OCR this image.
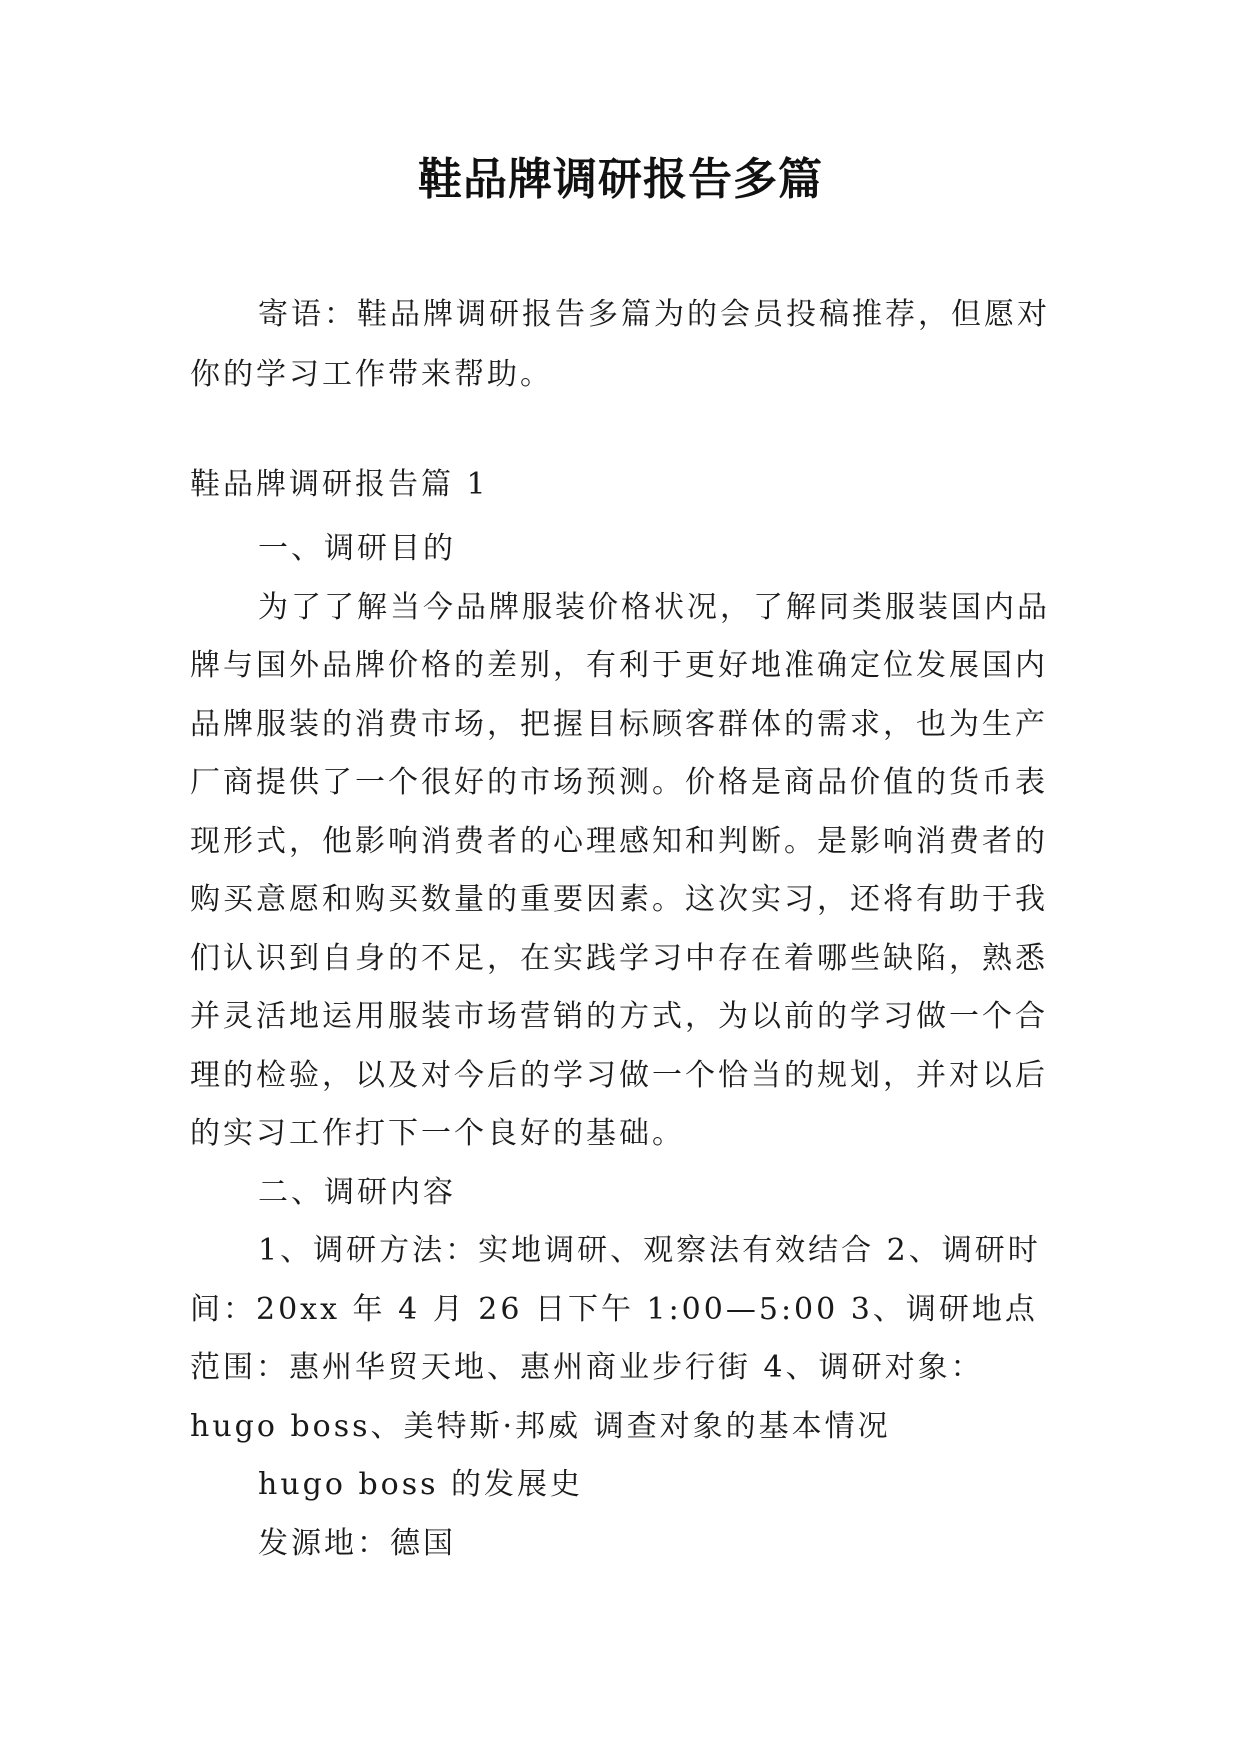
鞋品牌调研报告多篇

寄语：鞋品牌调研报告多篇为的会员投稿推荐，但愿对你的学习工作带来帮助。

鞋品牌调研报告篇 1

一、调研目的

为了了解当今品牌服装价格状况，了解同类服装国内品牌与国外品牌价格的差别，有利于更好地准确定位发展国内品牌服装的消费市场，把握目标顾客群体的需求，也为生产厂商提供了一个很好的市场预测。价格是商品价值的货币表现形式，他影响消费者的心理感知和判断。是影响消费者的购买意愿和购买数量的重要因素。这次实习，还将有助于我们认识到自身的不足，在实践学习中存在着哪些缺陷，熟悉并灵活地运用服装市场营销的方式，为以前的学习做一个合理的检验，以及对今后的学习做一个恰当的规划，并对以后的实习工作打下一个良好的基础。

二、调研内容

1、调研方法：实地调研、观察法有效结合 2、调研时间：20xx 年 4 月 26 日下午 1:00—5:00 3、调研地点范围：惠州华贸天地、惠州商业步行街 4、调研对象：hugo boss、美特斯·邦威 调查对象的基本情况

hugo boss 的发展史

发源地：德国
